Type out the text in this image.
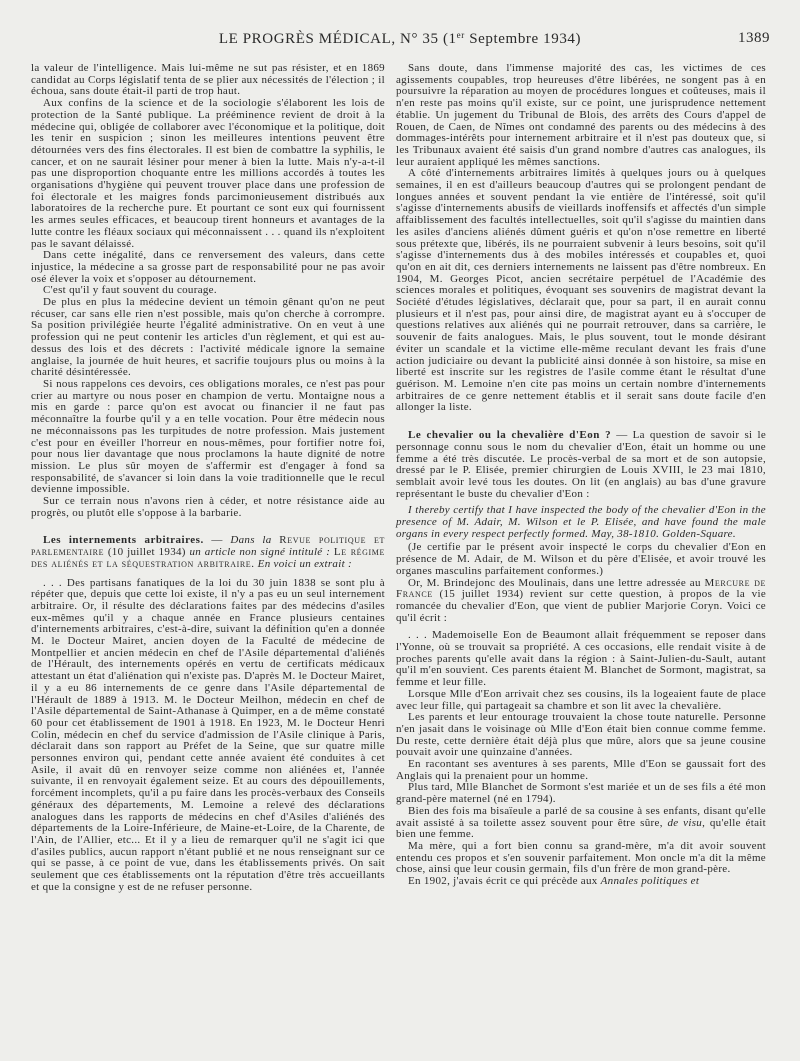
LE PROGRÈS MÉDICAL, N° 35 (1er Septembre 1934)	1389

la valeur de l'intelligence. Mais lui-même ne sut pas résister, et en 1869 candidat au Corps législatif tenta de se plier aux nécessités de l'élection ; il échoua, sans doute était-il parti de trop haut.

Aux confins de la science et de la sociologie s'élaborent les lois de protection de la Santé publique. La prééminence revient de droit à la médecine qui, obligée de collaborer avec l'économique et la politique, doit les tenir en suspicion ; sinon les meilleures intentions peuvent être détournées vers des fins électorales. Il est bien de combattre la syphilis, le cancer, et on ne saurait lésiner pour mener à bien la lutte. Mais n'y-a-t-il pas une disproportion choquante entre les millions accordés à toutes les organisations d'hygiène qui peuvent trouver place dans une profession de foi électorale et les maigres fonds parcimonieusement distribués aux laboratoires de la recherche pure. Et pourtant ce sont eux qui fournissent les armes seules efficaces, et beaucoup tirent honneurs et avantages de la lutte contre les fléaux sociaux qui méconnaissent . . . quand ils n'exploitent pas le savant délaissé.

Dans cette inégalité, dans ce renversement des valeurs, dans cette injustice, la médecine a sa grosse part de responsabilité pour ne pas avoir osé élever la voix et s'opposer au détournement.

C'est qu'il y faut souvent du courage.

De plus en plus la médecine devient un témoin gênant qu'on ne peut récuser, car sans elle rien n'est possible, mais qu'on cherche à corrompre. Sa position privilégiée heurte l'égalité administrative. On en veut à une profession qui ne peut contenir les articles d'un règlement, et qui est au-dessus des lois et des décrets : l'activité médicale ignore la semaine anglaise, la journée de huit heures, et sacrifie toujours plus ou moins à la charité désintéressée.

Si nous rappelons ces devoirs, ces obligations morales, ce n'est pas pour crier au martyre ou nous poser en champion de vertu. Montaigne nous a mis en garde : parce qu'on est avocat ou financier il ne faut pas méconnaître la fourbe qu'il y a en telle vocation. Pour être médecin nous ne méconnaissons pas les turpitudes de notre profession. Mais justement c'est pour en éveiller l'horreur en nous-mêmes, pour fortifier notre foi, pour nous lier davantage que nous proclamons la haute dignité de notre mission. Le plus sûr moyen de s'affermir est d'engager à fond sa responsabilité, de s'avancer si loin dans la voie traditionnelle que le recul devienne impossible.

Sur ce terrain nous n'avons rien à céder, et notre résistance aide au progrès, ou plutôt elle s'oppose à la barbarie.

Les internements arbitraires. — Dans la Revue politique et parlementaire (10 juillet 1934) un article non signé intitulé : Le régime des aliénés et la séquestration arbitraire. En voici un extrait :

. . . Des partisans fanatiques de la loi du 30 juin 1838 se sont plu à répéter que, depuis que cette loi existe, il n'y a pas eu un seul internement arbitraire. Or, il résulte des déclarations faites par des médecins d'asiles eux-mêmes qu'il y a chaque année en France plusieurs centaines d'internements arbitraires, c'est-à-dire, suivant la définition qu'en a donnée M. le Docteur Mairet, ancien doyen de la Faculté de médecine de Montpellier et ancien médecin en chef de l'Asile départemental d'aliénés de l'Hérault, des internements opérés en vertu de certificats médicaux attestant un état d'aliénation qui n'existe pas. D'après M. le Docteur Mairet, il y a eu 86 internements de ce genre dans l'Asile départemental de l'Hérault de 1889 à 1913. M. le Docteur Meilhon, médecin en chef de l'Asile départemental de Saint-Athanase à Quimper, en a de même constaté 60 pour cet établissement de 1901 à 1918. En 1923, M. le Docteur Henri Colin, médecin en chef du service d'admission de l'Asile clinique à Paris, déclarait dans son rapport au Préfet de la Seine, que sur quatre mille personnes environ qui, pendant cette année avaient été conduites à cet Asile, il avait dû en renvoyer seize comme non aliénées et, l'année suivante, il en renvoyait également seize. Et au cours des dépouillements, forcément incomplets, qu'il a pu faire dans les procès-verbaux des Conseils généraux des départements, M. Lemoine a relevé des déclarations analogues dans les rapports de médecins en chef d'Asiles d'aliénés des départements de la Loire-Inférieure, de Maine-et-Loire, de la Charente, de l'Ain, de l'Allier, etc... Et il y a lieu de remarquer qu'il ne s'agit ici que d'asiles publics, aucun rapport n'étant publié et ne nous renseignant sur ce qui se passe, à ce point de vue, dans les établissements privés. On sait seulement que ces établissements ont la réputation d'être très accueillants et que la consigne y est de ne refuser personne.

Sans doute, dans l'immense majorité des cas, les victimes de ces agissements coupables, trop heureuses d'être libérées, ne songent pas à en poursuivre la réparation au moyen de procédures longues et coûteuses, mais il n'en reste pas moins qu'il existe, sur ce point, une jurisprudence nettement établie. Un jugement du Tribunal de Blois, des arrêts des Cours d'appel de Rouen, de Caen, de Nîmes ont condamné des parents ou des médecins à des dommages-intérêts pour internement arbitraire et il n'est pas douteux que, si les Tribunaux avaient été saisis d'un grand nombre d'autres cas analogues, ils leur auraient appliqué les mêmes sanctions.

A côté d'internements arbitraires limités à quelques jours ou à quelques semaines, il en est d'ailleurs beaucoup d'autres qui se prolongent pendant de longues années et souvent pendant la vie entière de l'intéressé, soit qu'il s'agisse d'internements abusifs de vieillards inoffensifs et affectés d'un simple affaiblissement des facultés intellectuelles, soit qu'il s'agisse du maintien dans les asiles d'anciens aliénés dûment guéris et qu'on n'ose remettre en liberté sous prétexte que, libérés, ils ne pourraient subvenir à leurs besoins, soit qu'il s'agisse d'internements dus à des mobiles intéressés et coupables et, quoi qu'on en ait dit, ces derniers internements ne laissent pas d'être nombreux. En 1904, M. Georges Picot, ancien secrétaire perpétuel de l'Académie des sciences morales et politiques, évoquant ses souvenirs de magistrat devant la Société d'études législatives, déclarait que, pour sa part, il en aurait connu plusieurs et il n'est pas, pour ainsi dire, de magistrat ayant eu à s'occuper de questions relatives aux aliénés qui ne pourrait retrouver, dans sa carrière, le souvenir de faits analogues. Mais, le plus souvent, tout le monde désirant éviter un scandale et la victime elle-même reculant devant les frais d'une action judiciaire ou devant la publicité ainsi donnée à son histoire, sa mise en liberté est inscrite sur les registres de l'asile comme étant le résultat d'une guérison. M. Lemoine n'en cite pas moins un certain nombre d'internements arbitraires de ce genre nettement établis et il serait sans doute facile d'en allonger la liste.

Le chevalier ou la chevalière d'Eon ? — La question de savoir si le personnage connu sous le nom du chevalier d'Eon, était un homme ou une femme a été très discutée. Le procès-verbal de sa mort et de son autopsie, dressé par le P. Elisée, premier chirurgien de Louis XVIII, le 23 mai 1810, semblait avoir levé tous les doutes. On lit (en anglais) au bas d'une gravure représentant le buste du chevalier d'Eon :

I thereby certify that I have inspected the body of the chevalier d'Eon in the presence of M. Adair, M. Wilson et le P. Elisée, and have found the male organs in every respect perfectly formed. May, 38-1810. Golden-Square.

(Je certifie par le présent avoir inspecté le corps du chevalier d'Eon en présence de M. Adair, de M. Wilson et du père d'Elisée, et avoir trouvé les organes masculins parfaitement conformes.)

Or, M. Brindejonc des Moulinais, dans une lettre adressée au Mercure de France (15 juillet 1934) revient sur cette question, à propos de la vie romancée du chevalier d'Eon, que vient de publier Marjorie Coryn. Voici ce qu'il écrit :

. . . Mademoiselle Eon de Beaumont allait fréquemment se reposer dans l'Yonne, où se trouvait sa propriété. A ces occasions, elle rendait visite à de proches parents qu'elle avait dans la région : à Saint-Julien-du-Sault, autant qu'il m'en souvient. Ces parents étaient M. Blanchet de Sormont, magistrat, sa femme et leur fille.

Lorsque Mlle d'Eon arrivait chez ses cousins, ils la logeaient faute de place avec leur fille, qui partageait sa chambre et son lit avec la chevalière.

Les parents et leur entourage trouvaient la chose toute naturelle. Personne n'en jasait dans le voisinage où Mlle d'Eon était bien connue comme femme. Du reste, cette dernière était déjà plus que mûre, alors que sa jeune cousine pouvait avoir une quinzaine d'années.

En racontant ses aventures à ses parents, Mlle d'Eon se gaussait fort des Anglais qui la prenaient pour un homme.

Plus tard, Mlle Blanchet de Sormont s'est mariée et un de ses fils a été mon grand-père maternel (né en 1794).

Bien des fois ma bisaïeule a parlé de sa cousine à ses enfants, disant qu'elle avait assisté à sa toilette assez souvent pour être sûre, de visu, qu'elle était bien une femme.

Ma mère, qui a fort bien connu sa grand-mère, m'a dit avoir souvent entendu ces propos et s'en souvenir parfaitement. Mon oncle m'a dit la même chose, ainsi que leur cousin germain, fils d'un frère de mon grand-père.

En 1902, j'avais écrit ce qui précède aux Annales politiques et
